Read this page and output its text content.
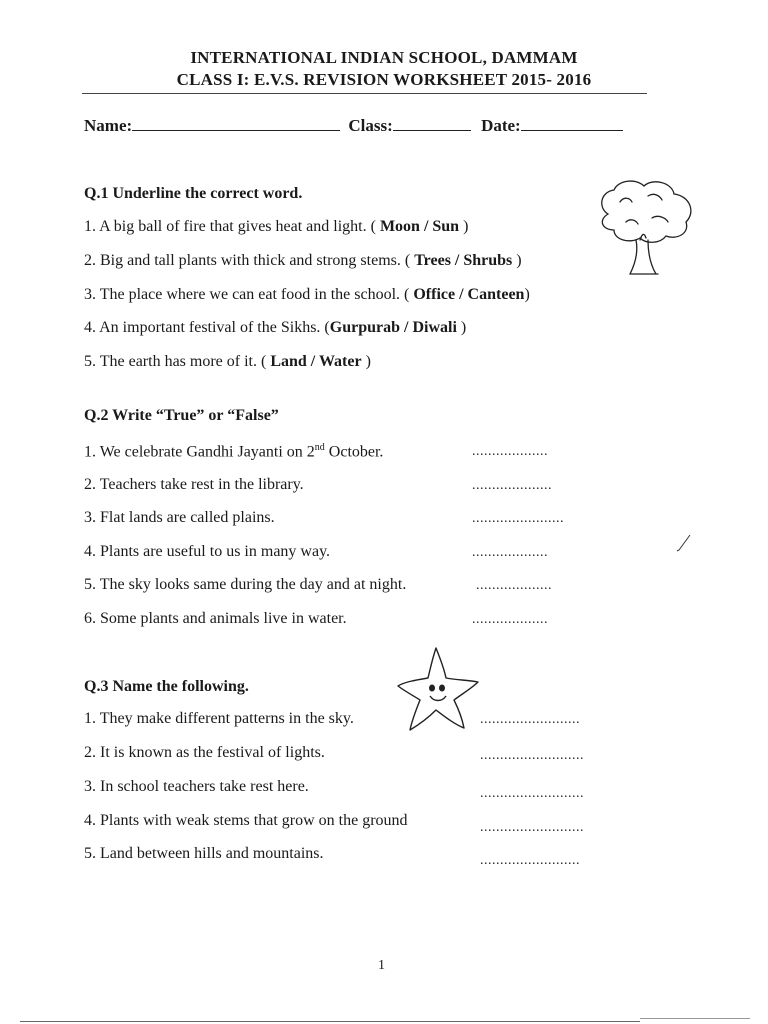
INTERNATIONAL INDIAN SCHOOL, DAMMAM
CLASS I: E.V.S. REVISION WORKSHEET 2015- 2016
Name:	Class:	Date:
Q.1 Underline the correct word.
1. A big ball of fire that gives heat and light. ( Moon / Sun )
2. Big and tall plants with thick and strong stems. ( Trees / Shrubs )
3. The place where we can eat food in the school. ( Office / Canteen)
4. An important festival of the Sikhs. (Gurpurab / Diwali )
5. The earth has more of it. ( Land / Water )
Q.2 Write “True” or “False”
1. We celebrate Gandhi Jayanti on 2nd October.	...................
2. Teachers take rest in the library.	....................
3. Flat lands are called plains.	.......................
4. Plants are useful to us in many way.	...................
5. The sky looks same during the day and at night.	...................
6. Some plants and animals live in water.	...................
Q.3 Name the following.
1. They make different patterns in the sky.	.........................
2. It is known as the festival of lights.	..........................
3. In school teachers take rest here.	..........................
4. Plants with weak stems that grow on the ground	..........................
5. Land between hills and mountains.	.........................
1
